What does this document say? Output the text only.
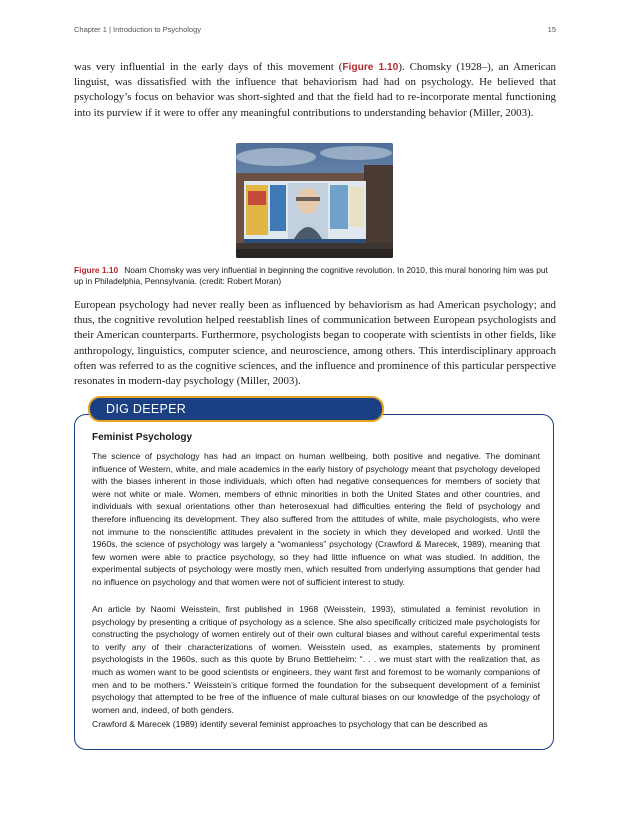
Chapter 1 | Introduction to Psychology	15

was very influential in the early days of this movement (Figure 1.10). Chomsky (1928–), an American linguist, was dissatisfied with the influence that behaviorism had had on psychology. He believed that psychology’s focus on behavior was short-sighted and that the field had to re-incorporate mental functioning into its purview if it were to offer any meaningful contributions to understanding behavior (Miller, 2003).

Figure 1.10 Noam Chomsky was very influential in beginning the cognitive revolution. In 2010, this mural honoring him was put up in Philadelphia, Pennsylvania. (credit: Robert Moran)

European psychology had never really been as influenced by behaviorism as had American psychology; and thus, the cognitive revolution helped reestablish lines of communication between European psychologists and their American counterparts. Furthermore, psychologists began to cooperate with scientists in other fields, like anthropology, linguistics, computer science, and neuroscience, among others. This interdisciplinary approach often was referred to as the cognitive sciences, and the influence and prominence of this particular perspective resonates in modern-day psychology (Miller, 2003).

DIG DEEPER
Feminist Psychology

The science of psychology has had an impact on human wellbeing, both positive and negative. The dominant influence of Western, white, and male academics in the early history of psychology meant that psychology developed with the biases inherent in those individuals, which often had negative consequences for members of society that were not white or male. Women, members of ethnic minorities in both the United States and other countries, and individuals with sexual orientations other than heterosexual had difficulties entering the field of psychology and therefore influencing its development. They also suffered from the attitudes of white, male psychologists, who were not immune to the nonscientific attitudes prevalent in the society in which they developed and worked. Until the 1960s, the science of psychology was largely a “womanless” psychology (Crawford & Marecek, 1989), meaning that few women were able to practice psychology, so they had little influence on what was studied. In addition, the experimental subjects of psychology were mostly men, which resulted from underlying assumptions that gender had no influence on psychology and that women were not of sufficient interest to study.

An article by Naomi Weisstein, first published in 1968 (Weisstein, 1993), stimulated a feminist revolution in psychology by presenting a critique of psychology as a science. She also specifically criticized male psychologists for constructing the psychology of women entirely out of their own cultural biases and without careful experimental tests to verify any of their characterizations of women. Weisstein used, as examples, statements by prominent psychologists in the 1960s, such as this quote by Bruno Bettleheim: “. . . we must start with the realization that, as much as women want to be good scientists or engineers, they want first and foremost to be womanly companions of men and to be mothers.” Weisstein’s critique formed the foundation for the subsequent development of a feminist psychology that attempted to be free of the influence of male cultural biases on our knowledge of the psychology of women and, indeed, of both genders.

Crawford & Marecek (1989) identify several feminist approaches to psychology that can be described as
